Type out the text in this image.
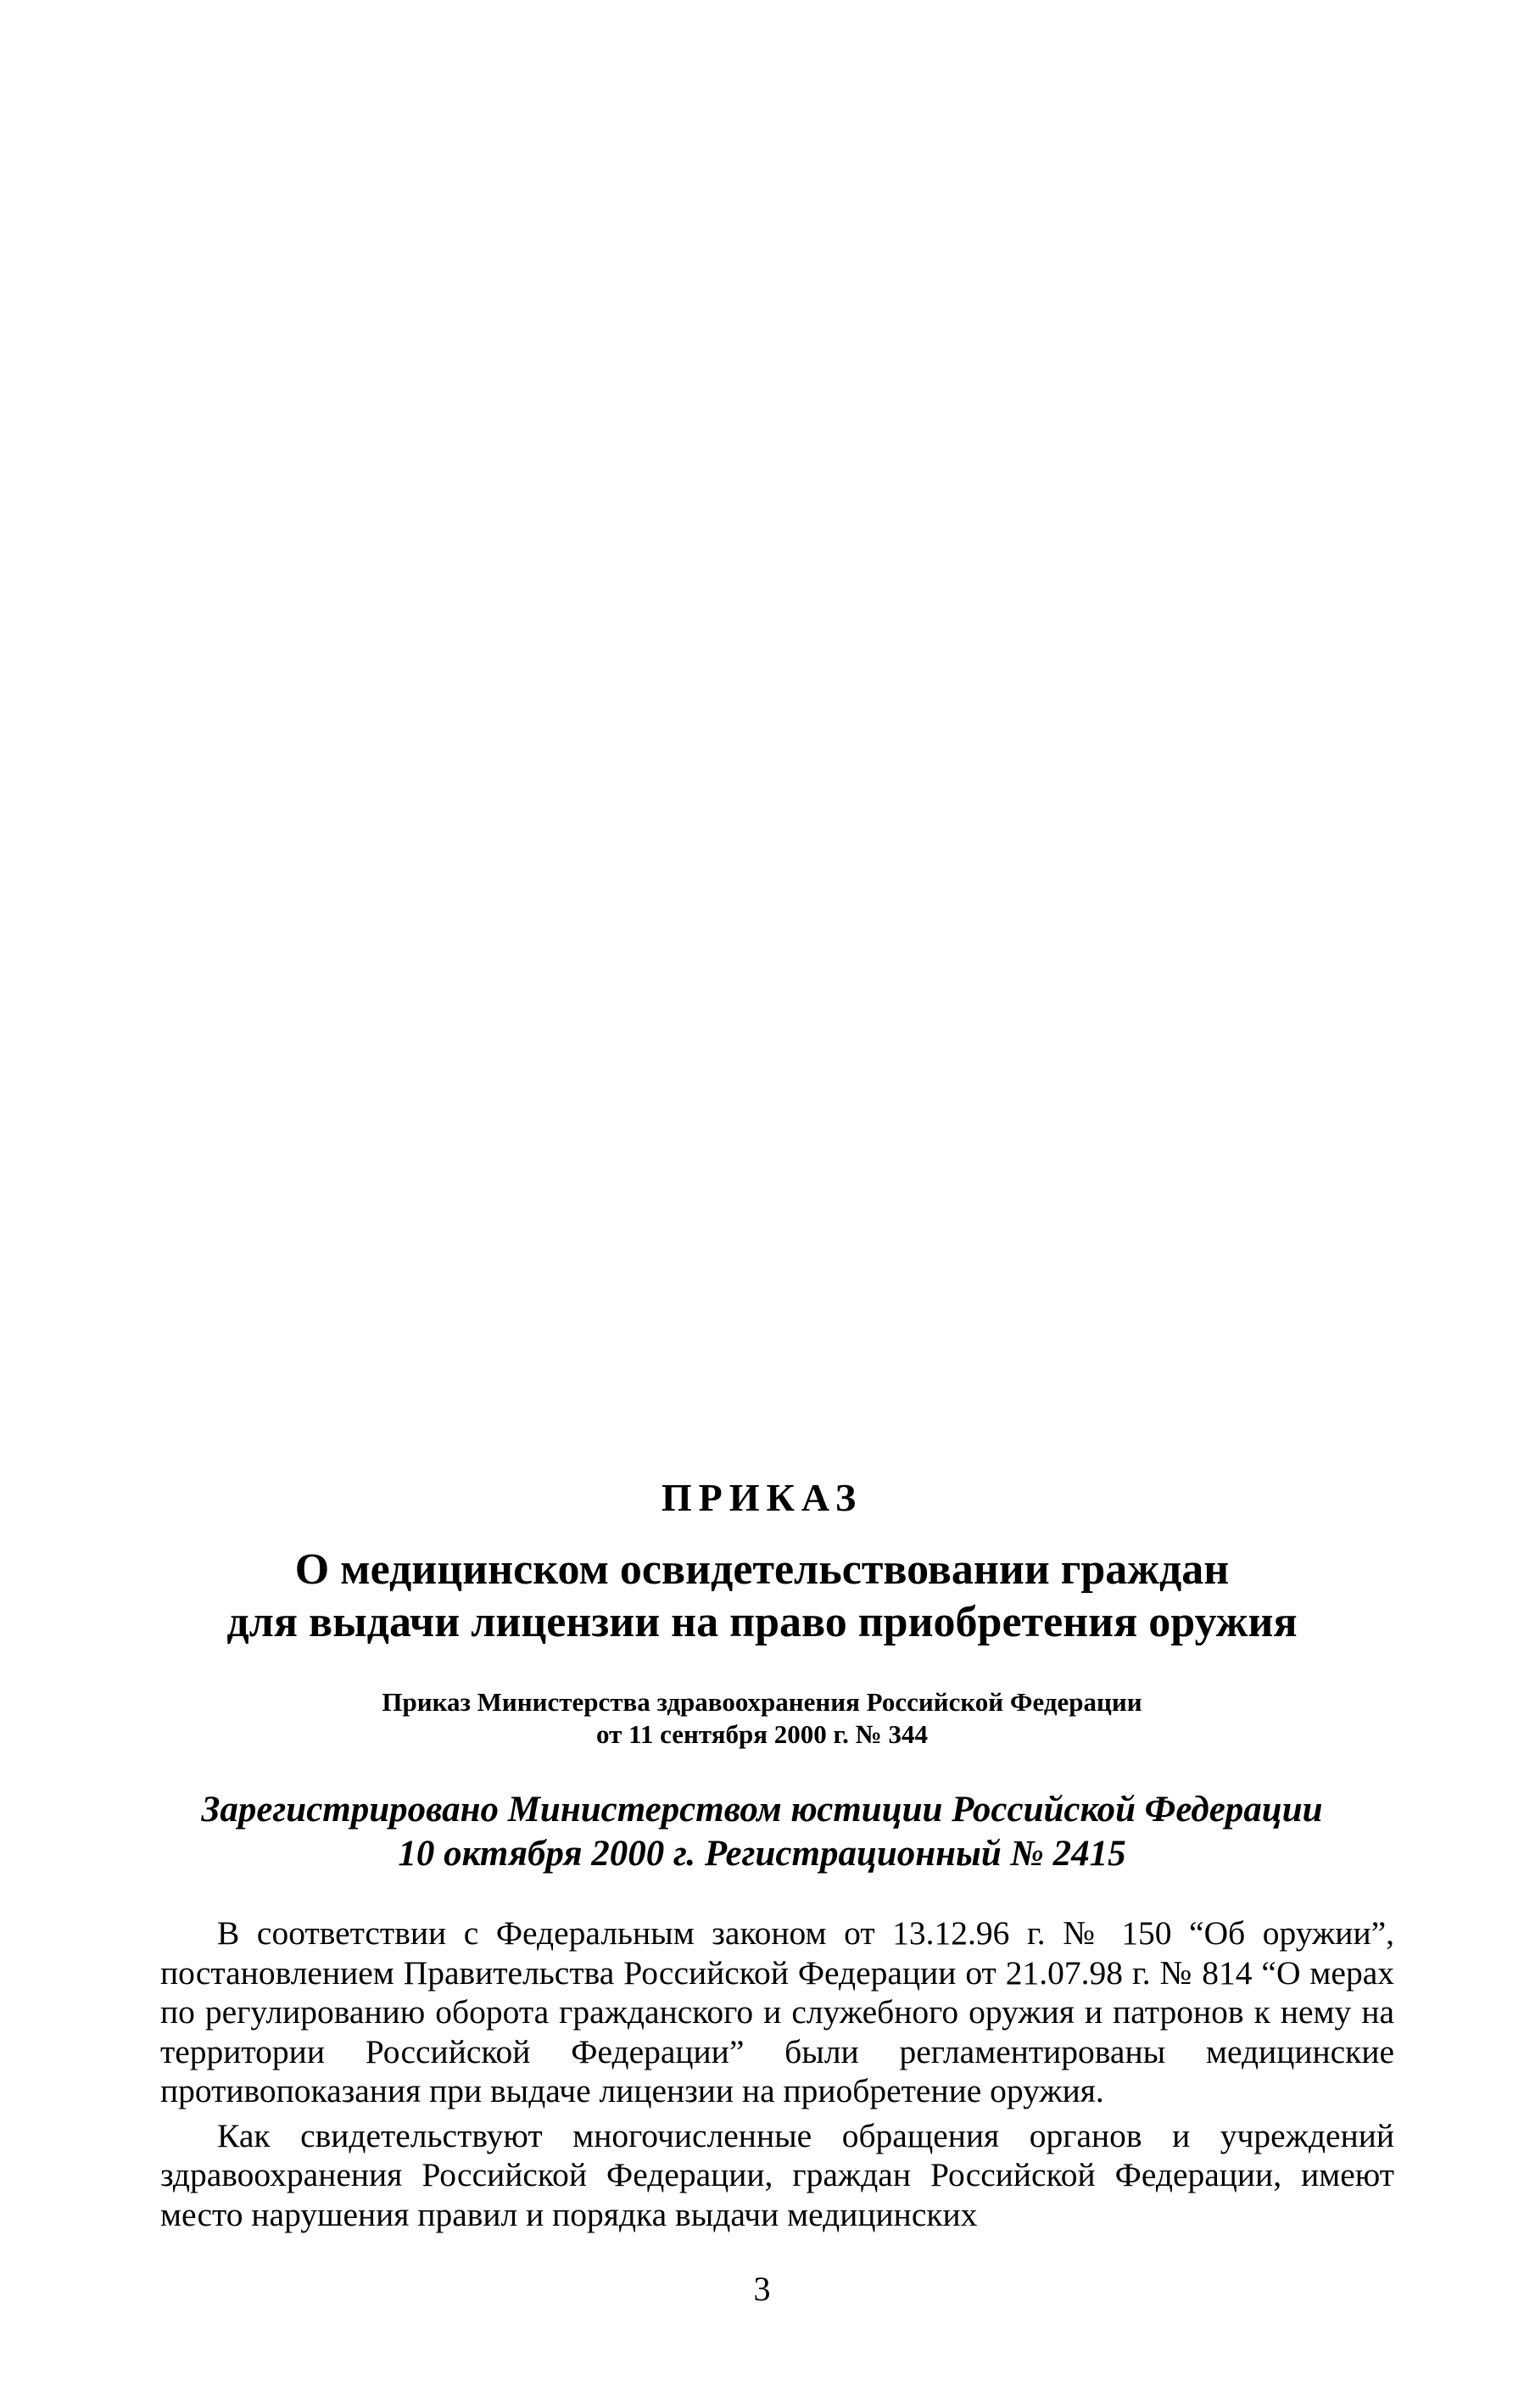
ПРИКАЗ
О медицинском освидетельствовании граждан
для выдачи лицензии на право приобретения оружия
Приказ Министерства здравоохранения Российской Федерации
от 11 сентября 2000 г. № 344
Зарегистрировано Министерством юстиции Российской Федерации
10 октября 2000 г. Регистрационный № 2415

В соответствии с Федеральным законом от 13.12.96 г. № 150 “Об оружии”, постановлением Правительства Российской Федерации от 21.07.98 г. № 814 “О мерах по регулированию оборота гражданского и служебного оружия и патронов к нему на территории Российской Федерации” были регламентированы медицинские противопоказания при выдаче лицензии на приобретение оружия.

Как свидетельствуют многочисленные обращения органов и учреждений здравоохранения Российской Федерации, граждан Российской Федерации, имеют место нарушения правил и порядка выдачи медицинских

3
